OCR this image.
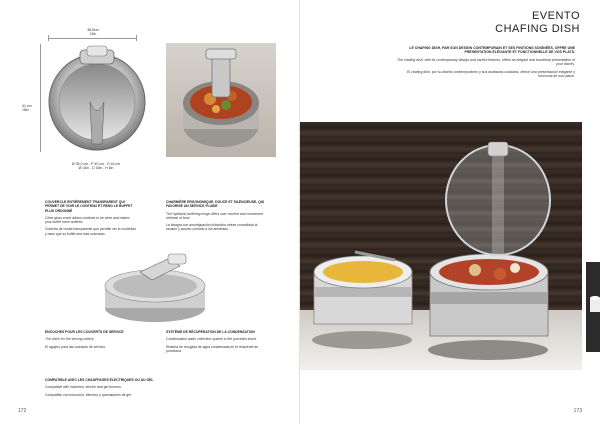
38,5cm
15in
41 cm
16in
Ø 35,0 cm - P 40 cm - H 16 cm
Ø 14in - D 16in - H 6in
COUVERCLE ENTIÈREMENT TRANSPARENT QUI PERMET DE VOIR LE CONTENU ET REND LE BUFFET PLUS ORDONNÉ
Clear glass cover allows contents to be seen and makes your buffet more ordered.
Cubierta de cristal transparente que permite ver el contenido y hace que su buffet sea más ordenado.
CHARNIÈRE ERGONOMIQUE, DOUCE ET SILENCIEUSE, QUI FAVORISE UN SERVICE FLUIDE
The hydraulic buffering hinge offers user comfort and convenient retrieval of food.
La bisagra con amortiguación hidráulica ofrece comodidad al usuario y acceso cómodo a los alimentos.
ENCOCHES POUR LES COUVERTS DE SERVICE
The notch for the serving cutlery.
El agujero para las cucharas de servicio.
SYSTÈME DE RÉCUPÉRATION DE LA CONDENSATION
Condensation water collection system in the porcelain insert.
Sistema de recogida de agua condensada en el recipiente de porcelana.
COMPATIBLE AVEC LES CHAUFFAGES ÉLECTRIQUES OU AU GEL
Compatible with induction, electric and gel burners.
Compatible con inducción, eléctrico y quemadores de gel.
172
EVENTO
CHAFING DISH
LE CHAFING DISH, PAR SON DESIGN CONTEMPORAIN ET SES FINITIONS SOIGNÉES, OFFRE UNE PRÉSENTATION ÉLÉGANTE ET FONCTIONNELLE DE VOS PLATS.
The chafing dish, with its contemporary design and careful finishes, offers an elegant and functional presentation of your dishes.
El chafing dish, por su diseño contemporáneo y sus acabados cuidados, ofrece una presentación elegante y funcional de sus platos.
173
